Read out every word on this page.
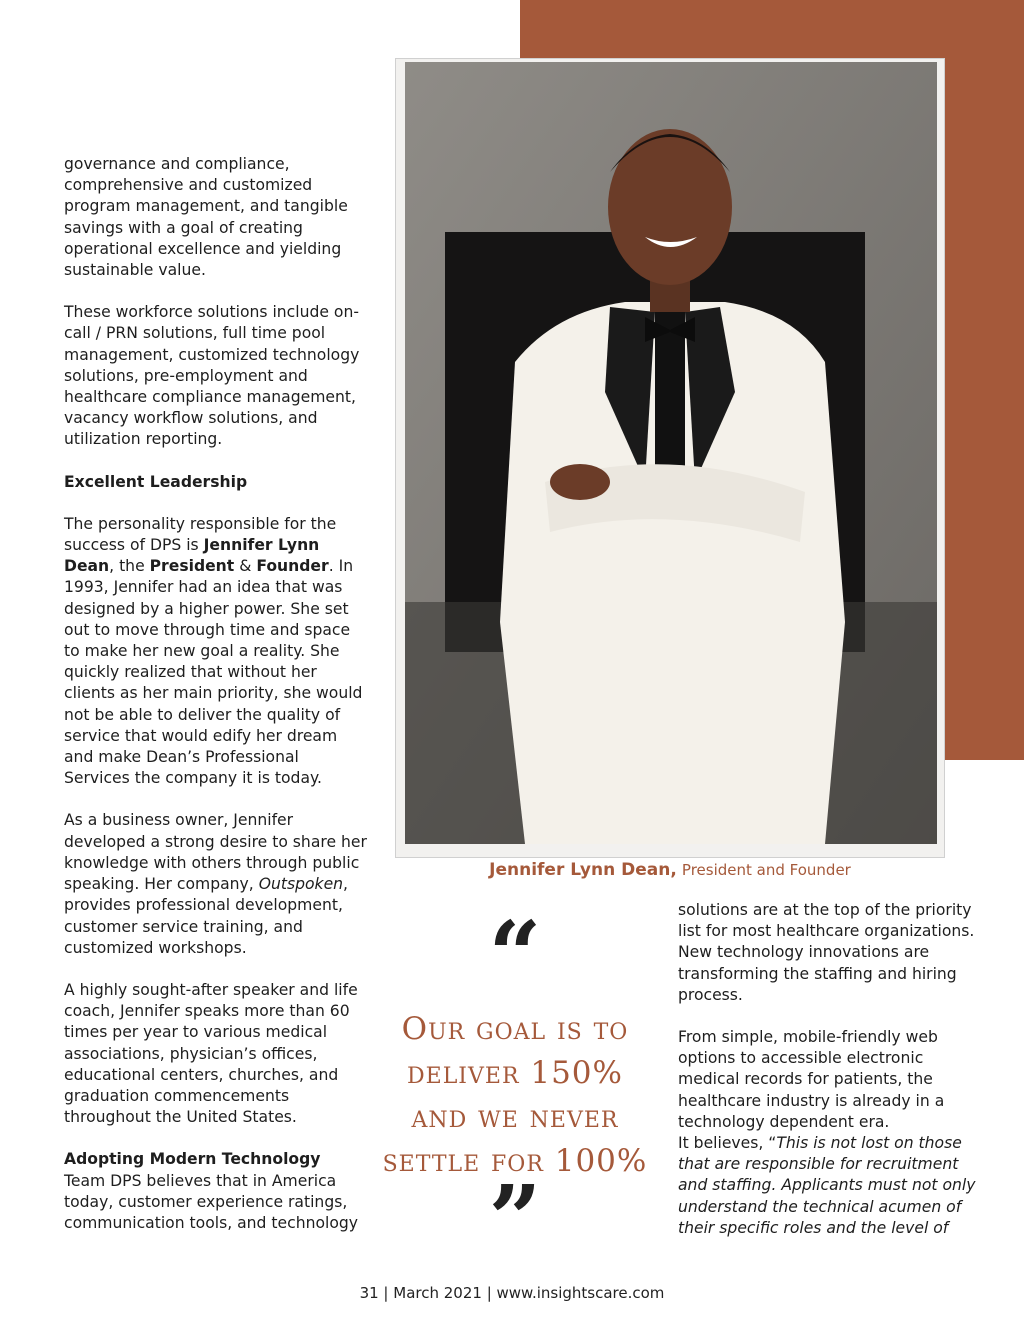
Jennifer Lynn Dean, President and Founder

governance and compliance, comprehensive and customized program management, and tangible savings with a goal of creating operational excellence and yielding sustainable value.

These workforce solutions include on-call / PRN solutions, full time pool management, customized technology solutions, pre-employment and healthcare compliance management, vacancy workflow solutions, and utilization reporting.

Excellent Leadership

The personality responsible for the success of DPS is Jennifer Lynn Dean, the President & Founder. In 1993, Jennifer had an idea that was designed by a higher power. She set out to move through time and space to make her new goal a reality. She quickly realized that without her clients as her main priority, she would not be able to deliver the quality of service that would edify her dream and make Dean’s Professional Services the company it is today.

As a business owner, Jennifer developed a strong desire to share her knowledge with others through public speaking. Her company, Outspoken, provides professional development, customer service training, and customized workshops.

A highly sought-after speaker and life coach, Jennifer speaks more than 60 times per year to various medical associations, physician’s offices, educational centers, churches, and graduation commencements throughout the United States.

Adopting Modern Technology
Team DPS believes that in America today, customer experience ratings, communication tools, and technology
“
Our goal is to deliver 150% and we never settle for 100%
”

solutions are at the top of the priority list for most healthcare organizations. New technology innovations are transforming the staffing and hiring process.

From simple, mobile-friendly web options to accessible electronic medical records for patients, the healthcare industry is already in a technology dependent era.
It believes, “This is not lost on those that are responsible for recruitment and staffing. Applicants must not only understand the technical acumen of their specific roles and the level of
31 | March 2021 | www.insightscare.com
